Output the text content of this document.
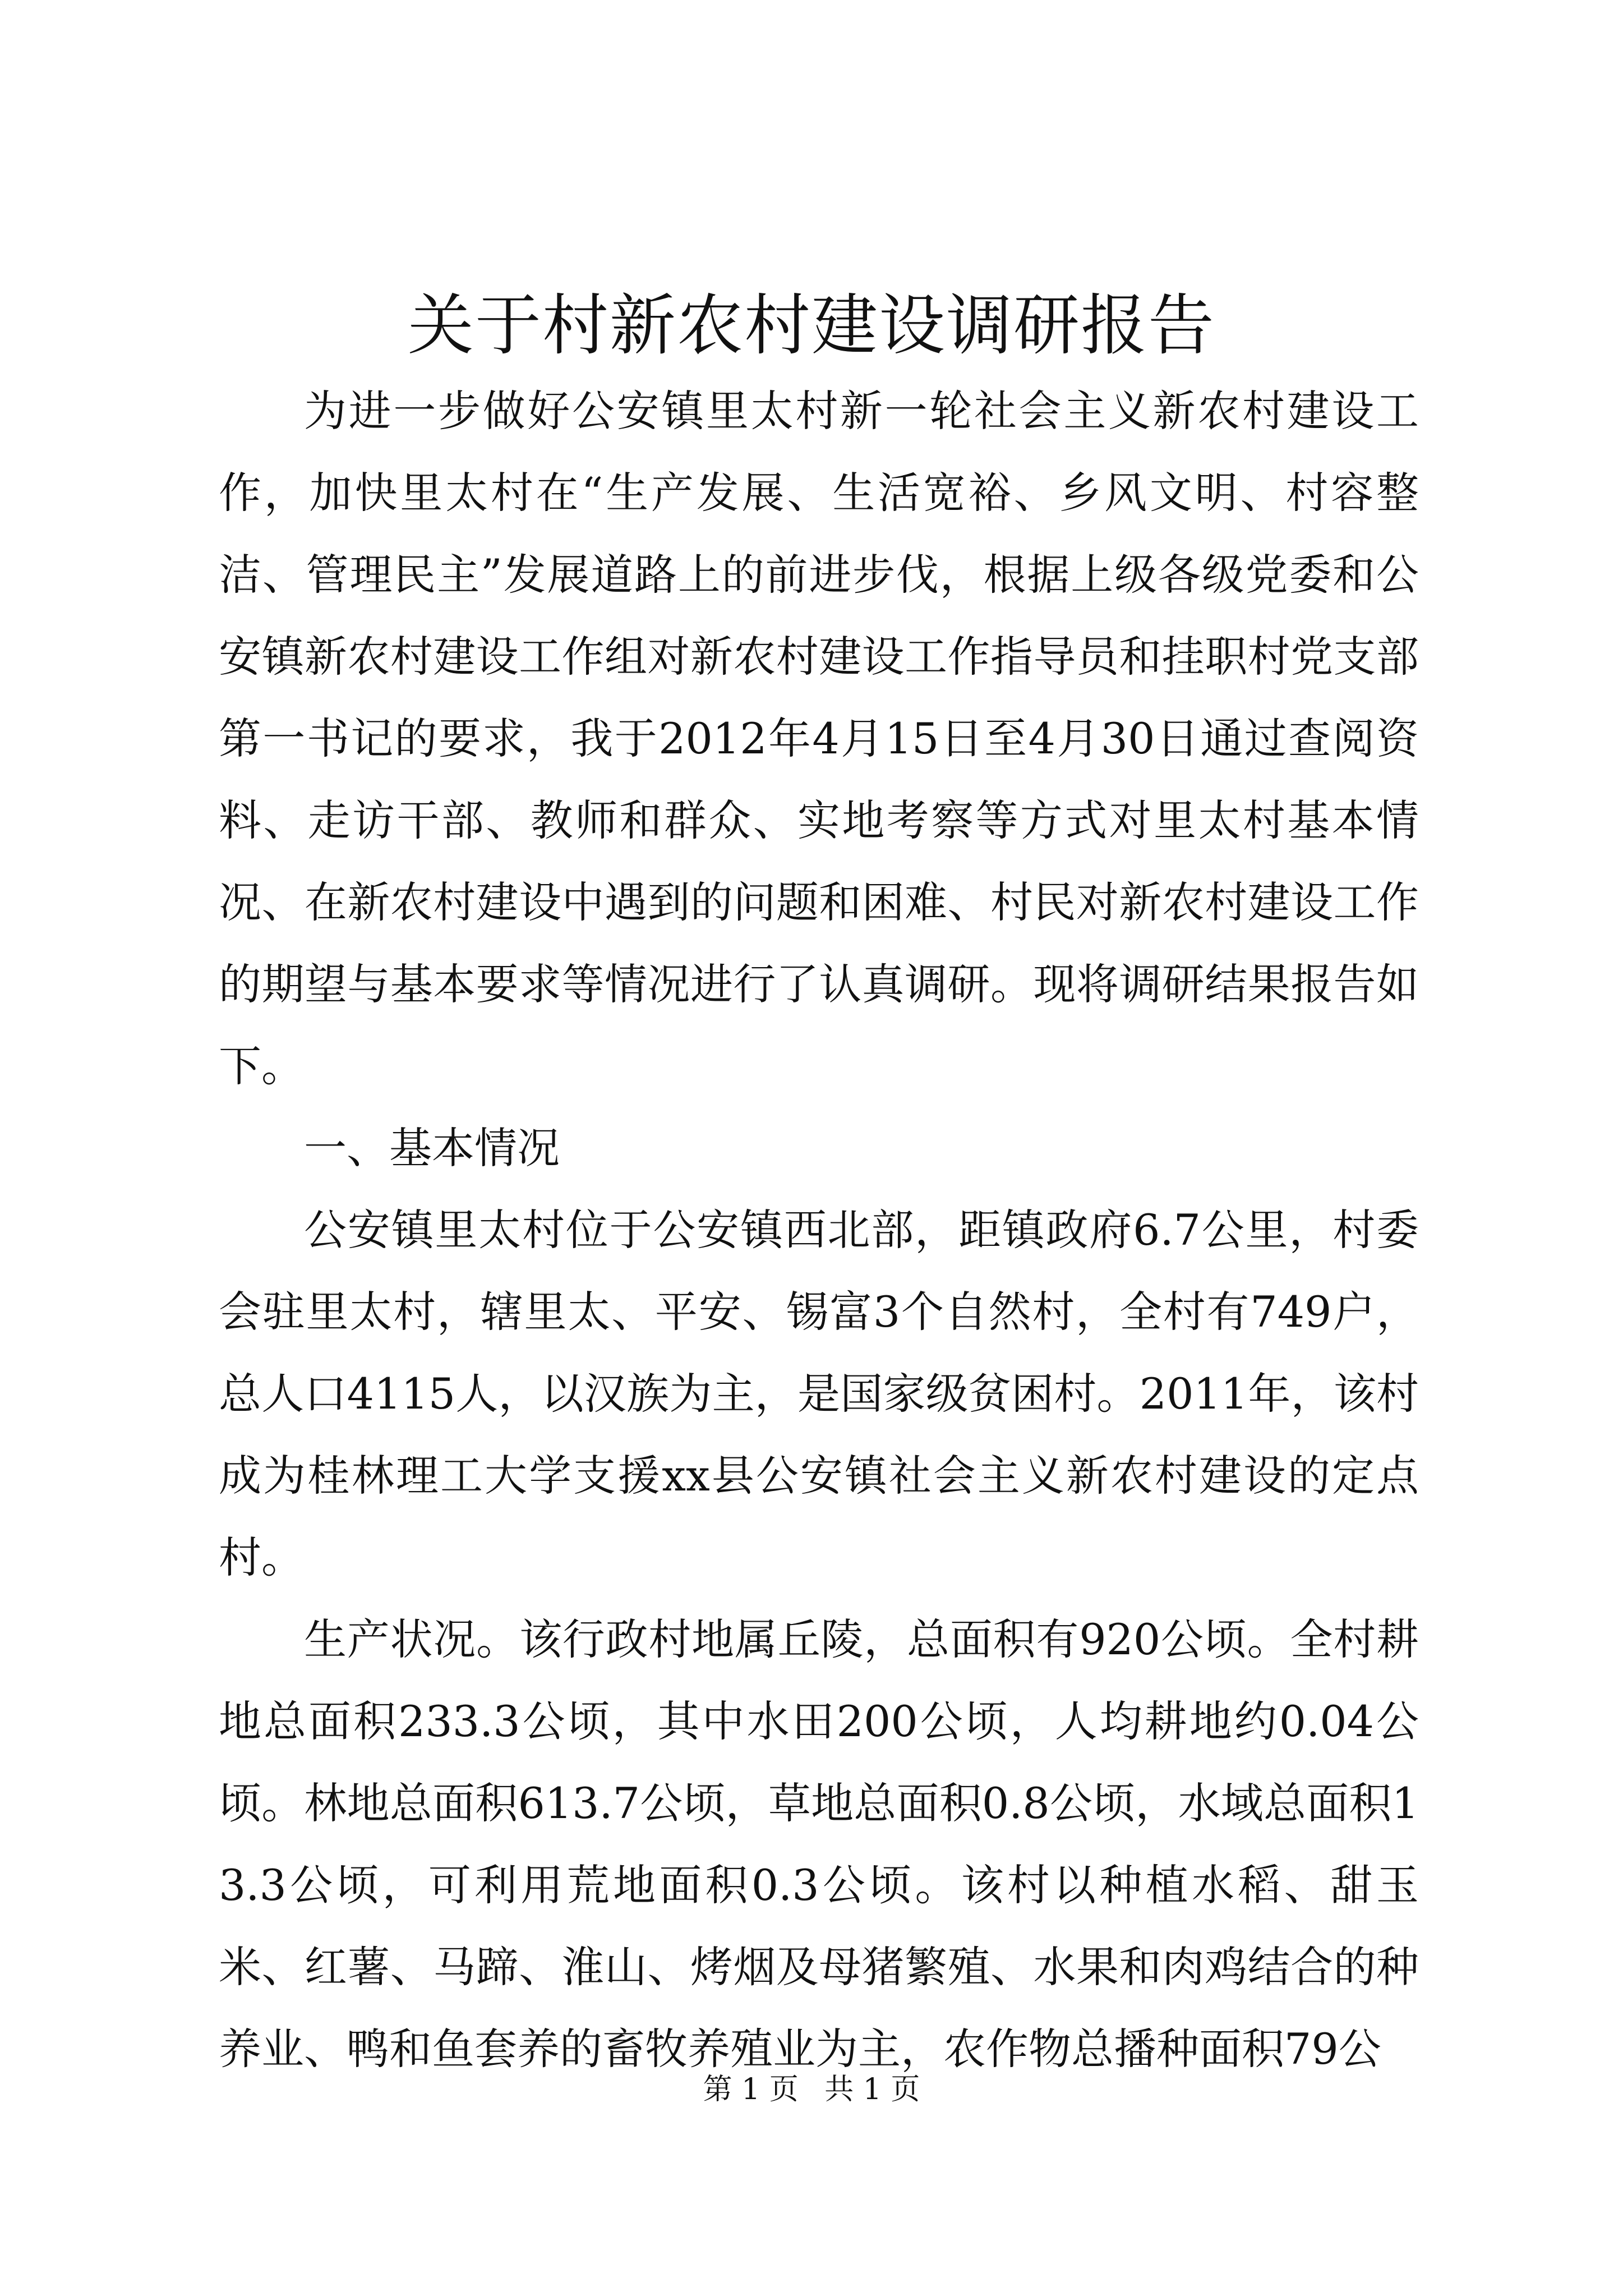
关于村新农村建设调研报告

为进一步做好公安镇里太村新一轮社会主义新农村建设工作，加快里太村在“生产发展、生活宽裕、乡风文明、村容整洁、管理民主”发展道路上的前进步伐，根据上级各级党委和公安镇新农村建设工作组对新农村建设工作指导员和挂职村党支部第一书记的要求，我于2012年4月15日至4月30日通过查阅资料、走访干部、教师和群众、实地考察等方式对里太村基本情况、在新农村建设中遇到的问题和困难、村民对新农村建设工作的期望与基本要求等情况进行了认真调研。现将调研结果报告如下。

一、基本情况

公安镇里太村位于公安镇西北部，距镇政府6.7公里，村委会驻里太村，辖里太、平安、锡富3个自然村，全村有749户，总人口4115人，以汉族为主，是国家级贫困村。2011年，该村成为桂林理工大学支援xx县公安镇社会主义新农村建设的定点村。

生产状况。该行政村地属丘陵，总面积有920公顷。全村耕地总面积233.3公顷，其中水田200公顷，人均耕地约0.04公顷。林地总面积613.7公顷，草地总面积0.8公顷，水域总面积13.3公顷，可利用荒地面积0.3公顷。该村以种植水稻、甜玉米、红薯、马蹄、淮山、烤烟及母猪繁殖、水果和肉鸡结合的种养业、鸭和鱼套养的畜牧养殖业为主，农作物总播种面积79公

第 1 页 共 1 页
